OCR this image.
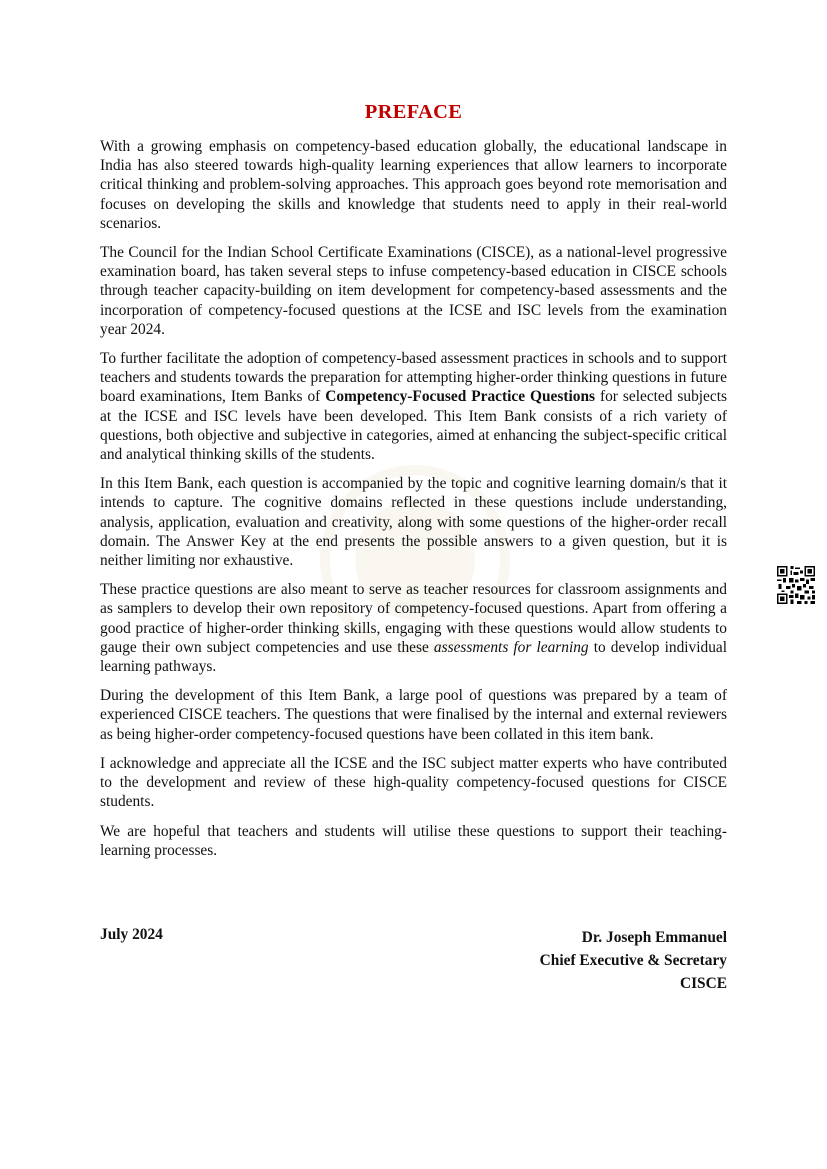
PREFACE

With a growing emphasis on competency-based education globally, the educational landscape in India has also steered towards high-quality learning experiences that allow learners to incorporate critical thinking and problem-solving approaches. This approach goes beyond rote memorisation and focuses on developing the skills and knowledge that students need to apply in their real-world scenarios.

The Council for the Indian School Certificate Examinations (CISCE), as a national-level progressive examination board, has taken several steps to infuse competency-based education in CISCE schools through teacher capacity-building on item development for competency-based assessments and the incorporation of competency-focused questions at the ICSE and ISC levels from the examination year 2024.

To further facilitate the adoption of competency-based assessment practices in schools and to support teachers and students towards the preparation for attempting higher-order thinking questions in future board examinations, Item Banks of Competency-Focused Practice Questions for selected subjects at the ICSE and ISC levels have been developed. This Item Bank consists of a rich variety of questions, both objective and subjective in categories, aimed at enhancing the subject-specific critical and analytical thinking skills of the students.

In this Item Bank, each question is accompanied by the topic and cognitive learning domain/s that it intends to capture. The cognitive domains reflected in these questions include understanding, analysis, application, evaluation and creativity, along with some questions of the higher-order recall domain. The Answer Key at the end presents the possible answers to a given question, but it is neither limiting nor exhaustive.

These practice questions are also meant to serve as teacher resources for classroom assignments and as samplers to develop their own repository of competency-focused questions. Apart from offering a good practice of higher-order thinking skills, engaging with these questions would allow students to gauge their own subject competencies and use these assessments for learning to develop individual learning pathways.

During the development of this Item Bank, a large pool of questions was prepared by a team of experienced CISCE teachers. The questions that were finalised by the internal and external reviewers as being higher-order competency-focused questions have been collated in this item bank.

I acknowledge and appreciate all the ICSE and the ISC subject matter experts who have contributed to the development and review of these high-quality competency-focused questions for CISCE students.

We are hopeful that teachers and students will utilise these questions to support their teaching-learning processes.

July 2024	Dr. Joseph Emmanuel
Chief Executive & Secretary
CISCE
